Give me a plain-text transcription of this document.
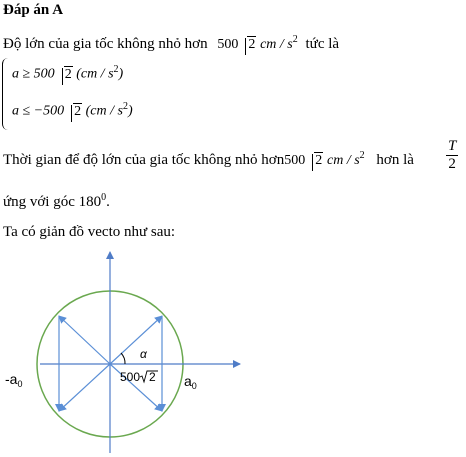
Đáp án A
Độ lớn của gia tốc không nhỏ hơn 500 2 cm / $s^2$ tức là
a ≥ 500 2 $(cm / s^2)$
a ≤ −500 2 $(cm / s^2)$
Thời gian để độ lớn của gia tốc không nhỏ hơn500 2 cm / $s^2$ hơn là $\frac{T}{2}$
ứng với góc $180^0$.
Ta có giản đồ vecto như sau:
α
500 2
$-a_0$	$a_0$
